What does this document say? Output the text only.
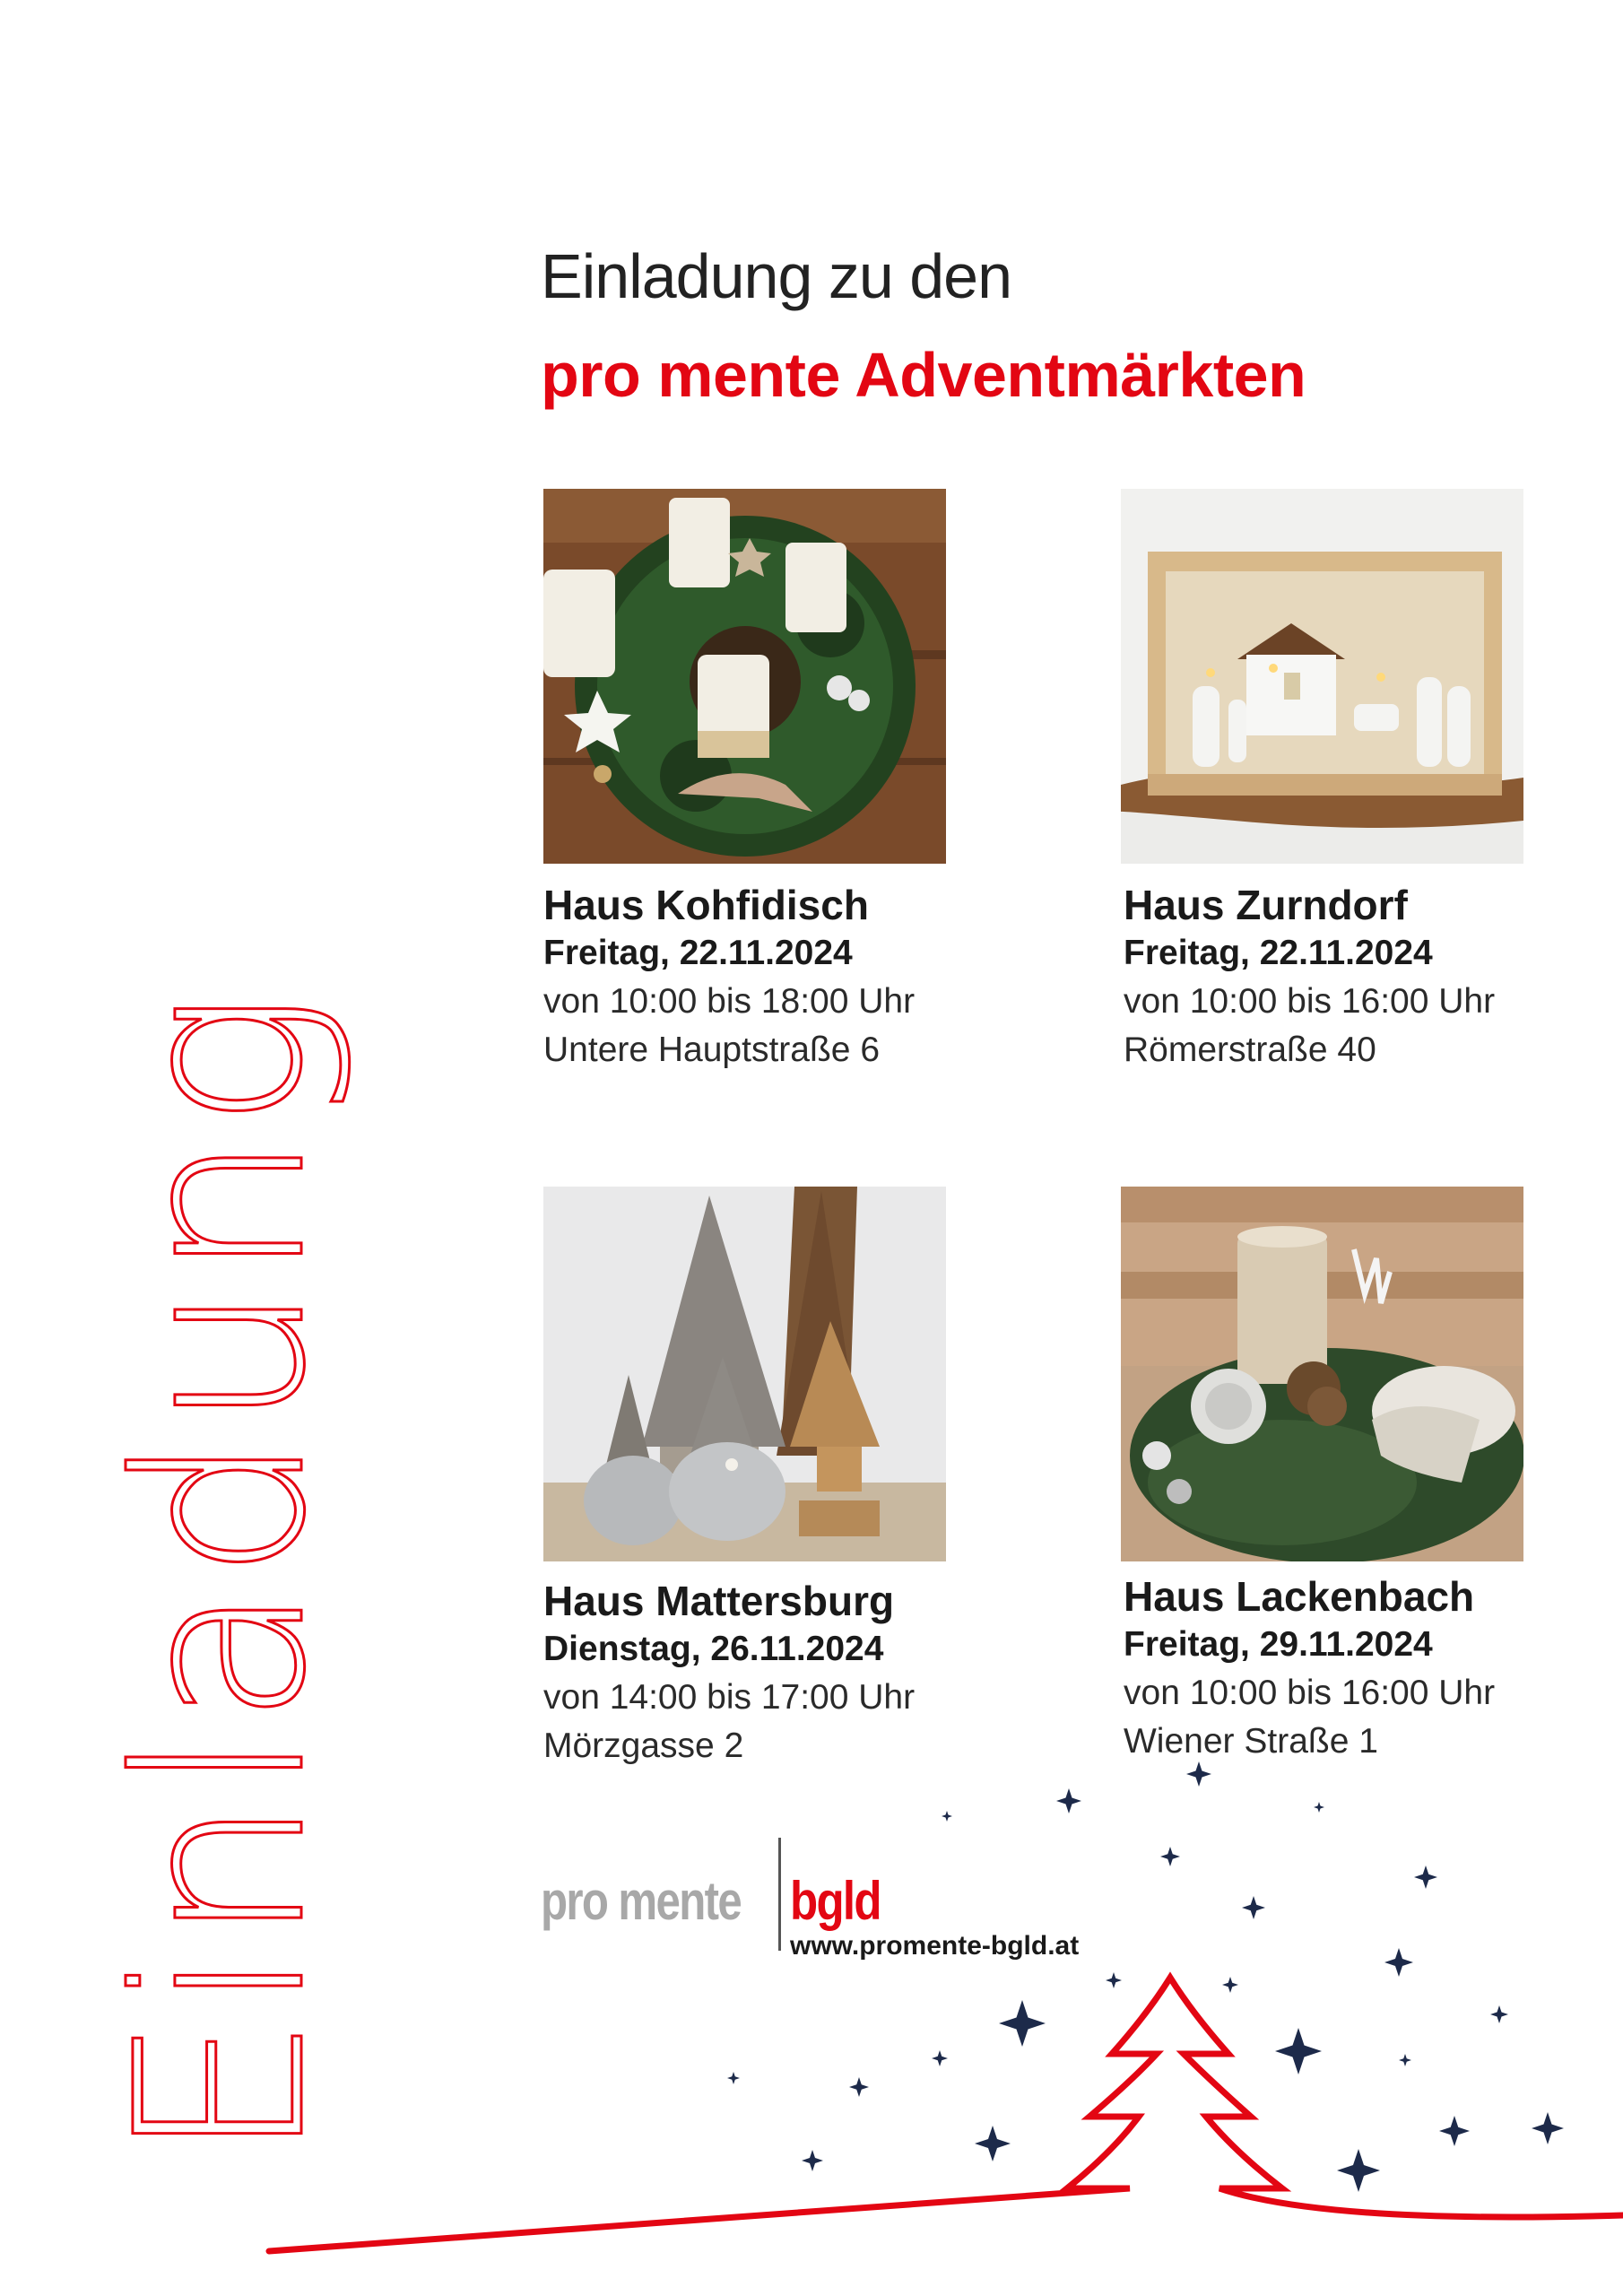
Einladung
Einladung zu den
pro mente Adventmärkten

Haus Kohfidisch

Freitag, 22.11.2024

von 10:00 bis 18:00 Uhr

Untere Hauptstraße 6

Haus Zurndorf

Freitag, 22.11.2024

von 10:00 bis 16:00 Uhr

Römerstraße 40

Haus Mattersburg

Dienstag, 26.11.2024

von 14:00 bis 17:00 Uhr

Mörzgasse 2

Haus Lackenbach

Freitag, 29.11.2024

von 10:00 bis 16:00 Uhr

Wiener Straße 1

pro mente bgld
www.promente-bgld.at
